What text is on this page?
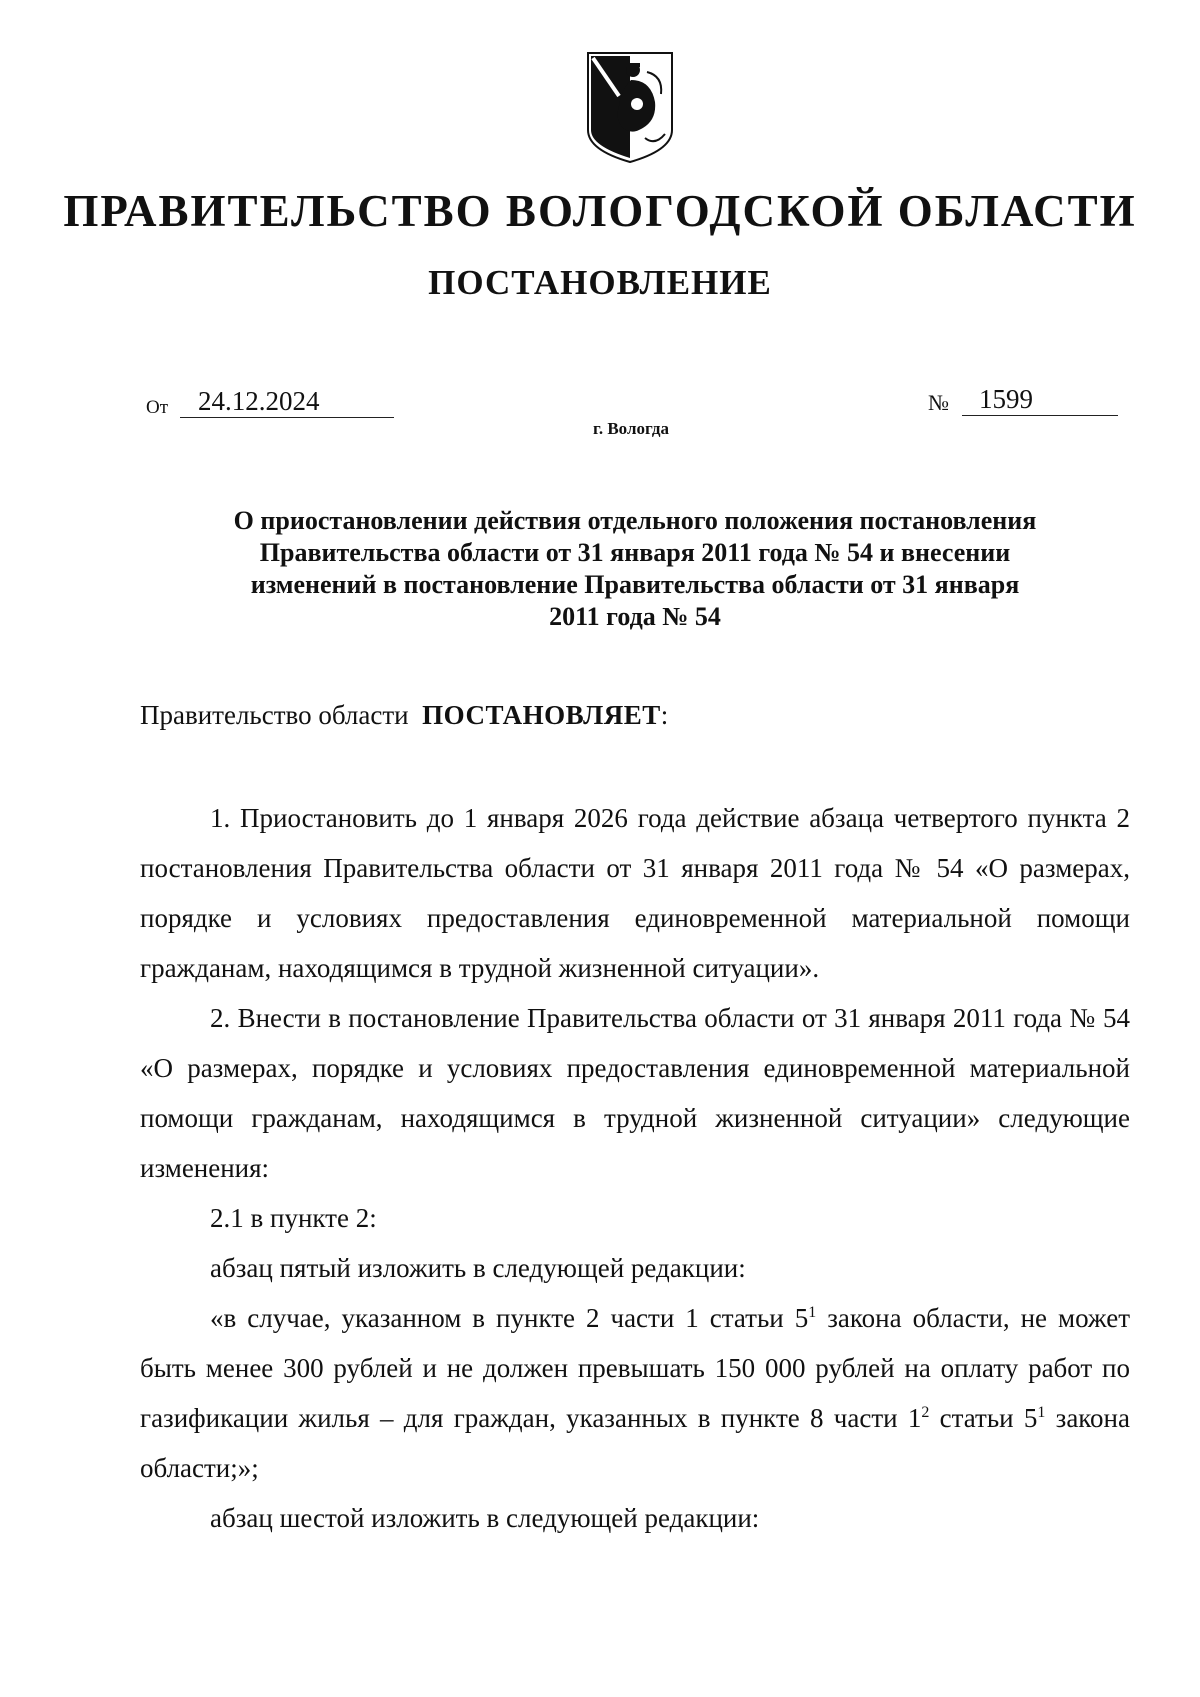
ПРАВИТЕЛЬСТВО ВОЛОГОДСКОЙ ОБЛАСТИ
ПОСТАНОВЛЕНИЕ
От	24.12.2024	№	1599
г. Вологда
О приостановлении действия отдельного положения постановления
Правительства области от 31 января 2011 года № 54 и внесении
изменений в постановление Правительства области от 31 января
2011 года № 54
Правительство области ПОСТАНОВЛЯЕТ:

1. Приостановить до 1 января 2026 года действие абзаца четвертого пункта 2 постановления Правительства области от 31 января 2011 года № 54 «О размерах, порядке и условиях предоставления единовременной материальной помощи гражданам, находящимся в трудной жизненной ситуации».

2. Внести в постановление Правительства области от 31 января 2011 года № 54 «О размерах, порядке и условиях предоставления единовременной материальной помощи гражданам, находящимся в трудной жизненной ситуации» следующие изменения:

2.1 в пункте 2:

абзац пятый изложить в следующей редакции:

«в случае, указанном в пункте 2 части 1 статьи $5^1$ закона области, не может быть менее 300 рублей и не должен превышать 150 000 рублей на оплату работ по газификации жилья – для граждан, указанных в пункте 8 части $1^2$ статьи $5^1$ закона области;»;

абзац шестой изложить в следующей редакции:
